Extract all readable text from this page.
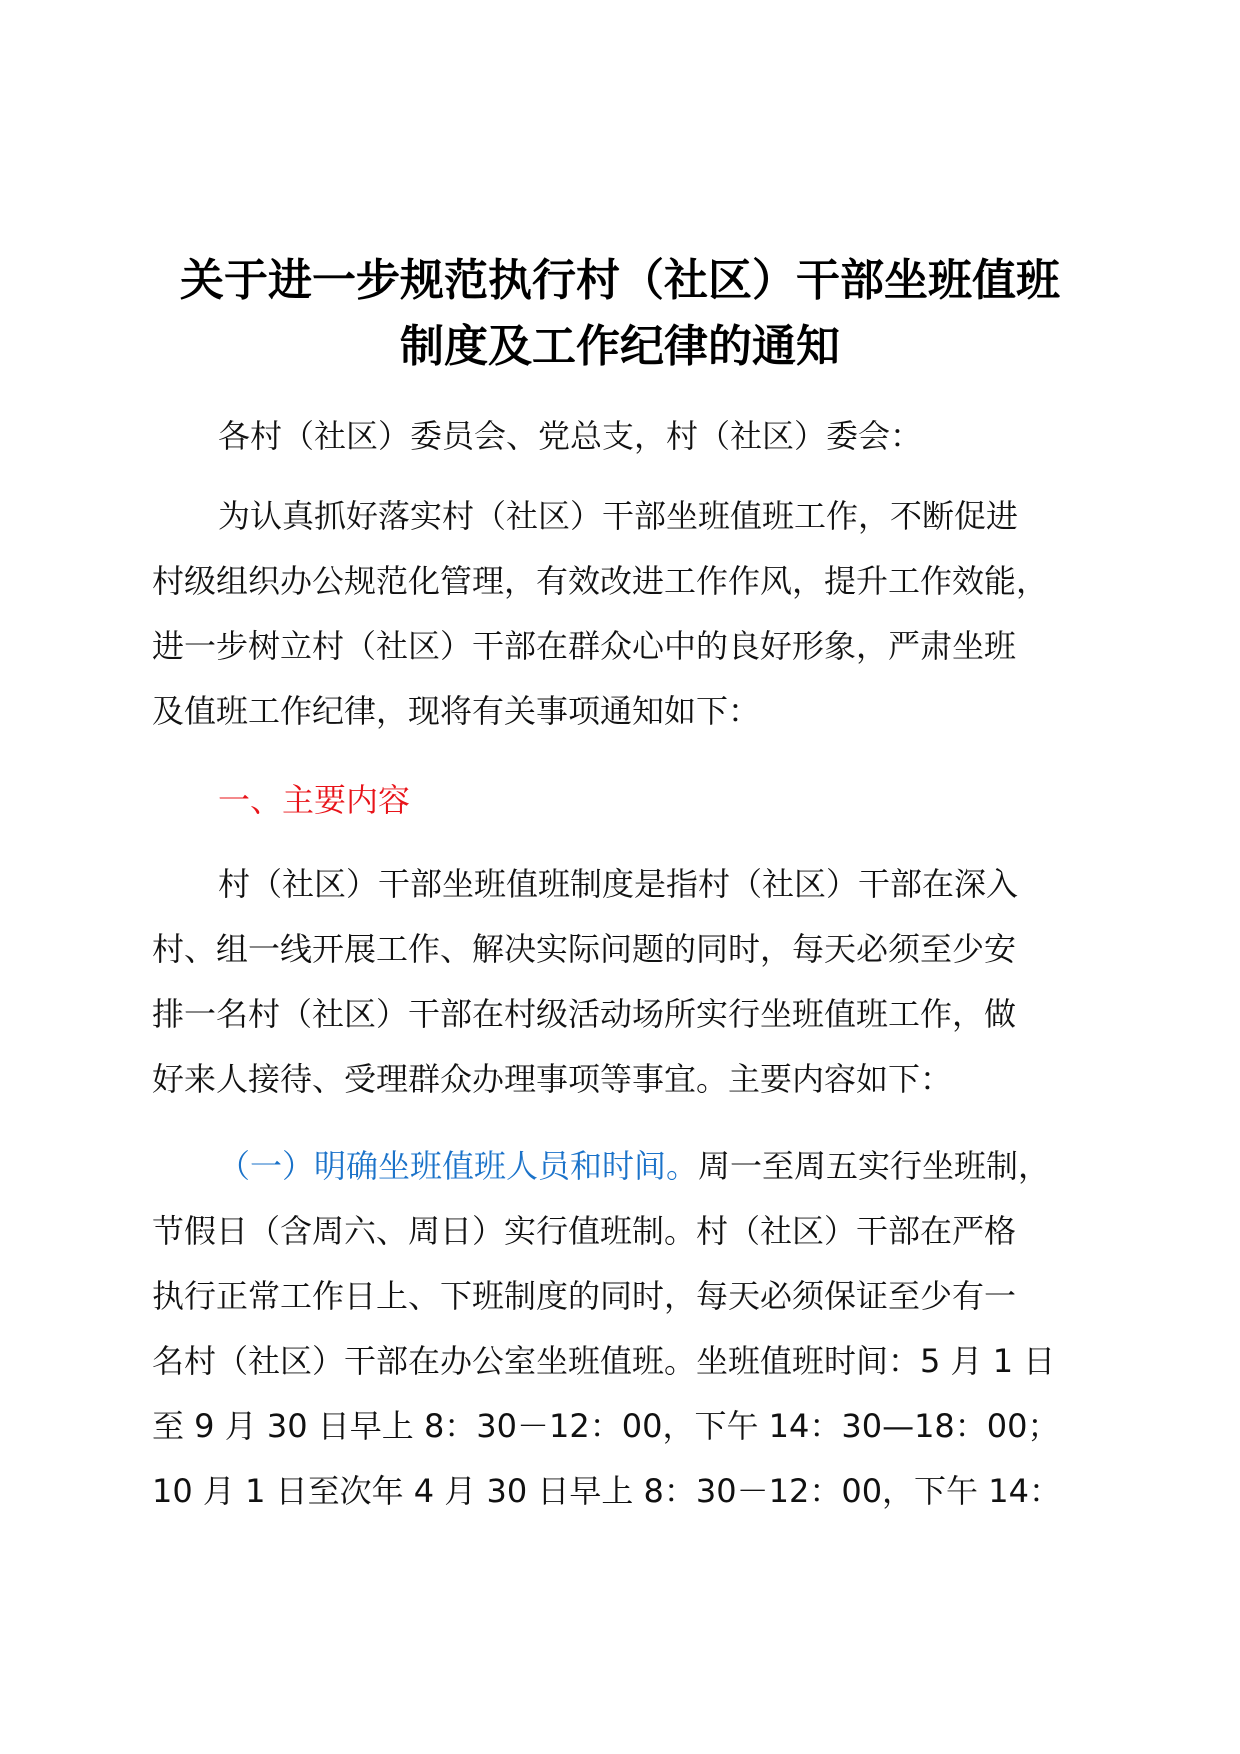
关于进一步规范执行村（社区）干部坐班值班
制度及工作纪律的通知
各村（社区）委员会、党总支，村（社区）委会：
为认真抓好落实村（社区）干部坐班值班工作，不断促进
村级组织办公规范化管理，有效改进工作作风，提升工作效能，
进一步树立村（社区）干部在群众心中的良好形象，严肃坐班
及值班工作纪律，现将有关事项通知如下：
一、主要内容
村（社区）干部坐班值班制度是指村（社区）干部在深入
村、组一线开展工作、解决实际问题的同时，每天必须至少安
排一名村（社区）干部在村级活动场所实行坐班值班工作，做
好来人接待、受理群众办理事项等事宜。主要内容如下：
（一）明确坐班值班人员和时间。周一至周五实行坐班制，
节假日（含周六、周日）实行值班制。村（社区）干部在严格
执行正常工作日上、下班制度的同时，每天必须保证至少有一
名村（社区）干部在办公室坐班值班。坐班值班时间：5 月 1 日
至 9 月 30 日早上 8：30－12：00，下午 14：30—18：00；
10 月 1 日至次年 4 月 30 日早上 8：30－12：00，下午 14：
